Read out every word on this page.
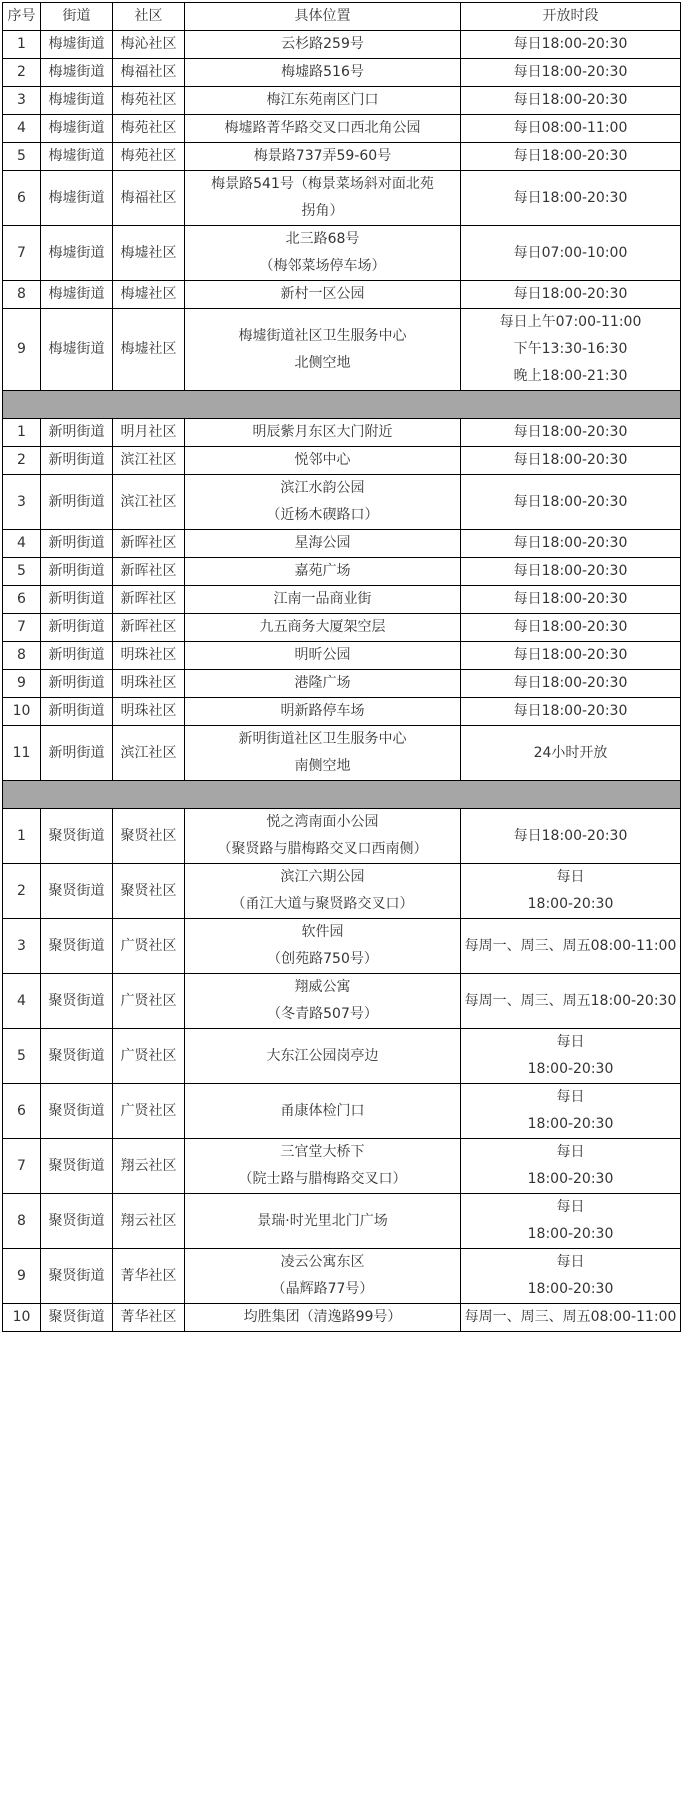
序号	街道	社区	具体位置	开放时段
1	梅墟街道	梅沁社区	云杉路259号	每日18:00-20:30

2	梅墟街道	梅福社区	梅墟路516号	每日18:00-20:30

3	梅墟街道	梅苑社区	梅江东苑南区门口	每日18:00-20:30

4	梅墟街道	梅苑社区	梅墟路菁华路交叉口西北角公园	每日08:00-11:00

5	梅墟街道	梅苑社区	梅景路737弄59-60号	每日18:00-20:30

6	梅墟街道	梅福社区	梅景路541号（梅景菜场斜对面北苑
拐角）	每日18:00-20:30

7	梅墟街道	梅墟社区	北三路68号
（梅邻菜场停车场）	每日07:00-10:00

8	梅墟街道	梅墟社区	新村一区公园	每日18:00-20:30

9	梅墟街道	梅墟社区	梅墟街道社区卫生服务中心
北侧空地	每日上午07:00-11:00
下午13:30-16:30
晚上18:00-21:30

1	新明街道	明月社区	明辰紫月东区大门附近	每日18:00-20:30

2	新明街道	滨江社区	悦邻中心	每日18:00-20:30

3	新明街道	滨江社区	滨江水韵公园
（近杨木碶路口）	每日18:00-20:30

4	新明街道	新晖社区	星海公园	每日18:00-20:30

5	新明街道	新晖社区	嘉苑广场	每日18:00-20:30

6	新明街道	新晖社区	江南一品商业街	每日18:00-20:30

7	新明街道	新晖社区	九五商务大厦架空层	每日18:00-20:30

8	新明街道	明珠社区	明昕公园	每日18:00-20:30

9	新明街道	明珠社区	港隆广场	每日18:00-20:30

10	新明街道	明珠社区	明新路停车场	每日18:00-20:30

11	新明街道	滨江社区	新明街道社区卫生服务中心
南侧空地	24小时开放

1	聚贤街道	聚贤社区	悦之湾南面小公园
（聚贤路与腊梅路交叉口西南侧）	每日18:00-20:30

2	聚贤街道	聚贤社区	滨江六期公园
（甬江大道与聚贤路交叉口）	每日
18:00-20:30

3	聚贤街道	广贤社区	软件园
（创苑路750号）	每周一、周三、周五08:00-11:00

4	聚贤街道	广贤社区	翔威公寓
（冬青路507号）	每周一、周三、周五18:00-20:30

5	聚贤街道	广贤社区	大东江公园岗亭边	每日
18:00-20:30

6	聚贤街道	广贤社区	甬康体检门口	每日
18:00-20:30

7	聚贤街道	翔云社区	三官堂大桥下
（院士路与腊梅路交叉口）	每日
18:00-20:30

8	聚贤街道	翔云社区	景瑞·时光里北门广场	每日
18:00-20:30

9	聚贤街道	菁华社区	凌云公寓东区
（晶辉路77号）	每日
18:00-20:30

10	聚贤街道	菁华社区	均胜集团（清逸路99号）	每周一、周三、周五08:00-11:00
